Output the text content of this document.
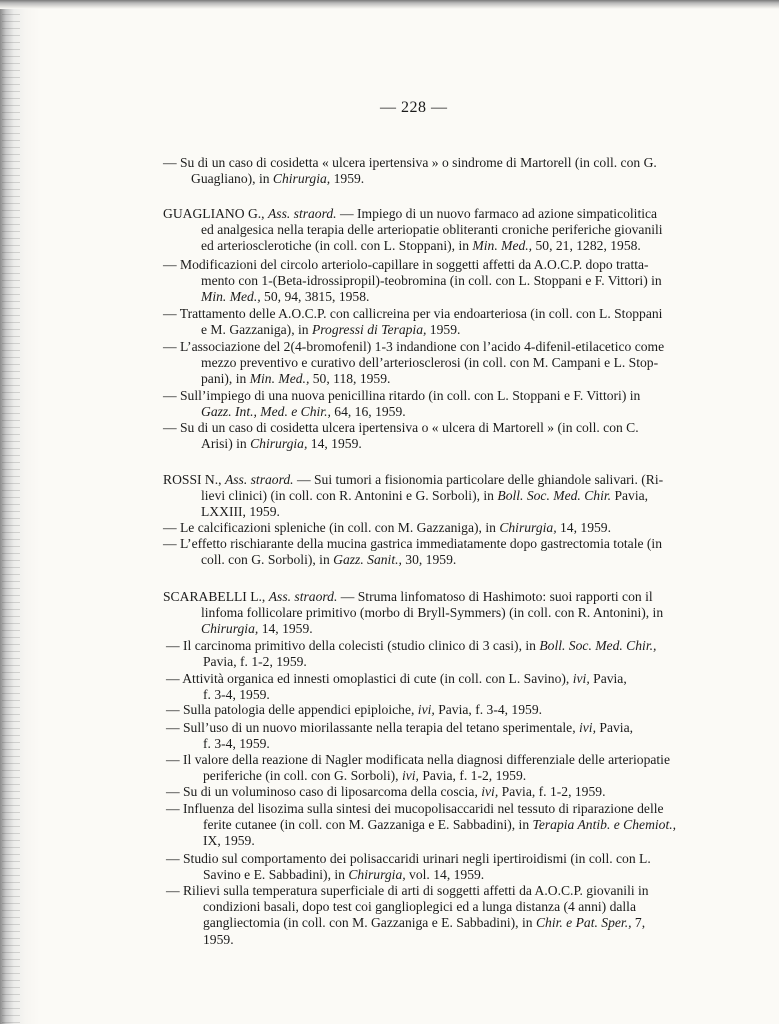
— 228 —
— Su di un caso di cosidetta « ulcera ipertensiva » o sindrome di Martorell (in coll. con G.
Guagliano), in Chirurgia, 1959.
GUAGLIANO G., Ass. straord. — Impiego di un nuovo farmaco ad azione simpaticolitica
ed analgesica nella terapia delle arteriopatie obliteranti croniche periferiche giovanili
ed arteriosclerotiche (in coll. con L. Stoppani), in Min. Med., 50, 21, 1282, 1958.
— Modificazioni del circolo arteriolo-capillare in soggetti affetti da A.O.C.P. dopo tratta-
mento con 1-(Beta-idrossipropil)-teobromina (in coll. con L. Stoppani e F. Vittori) in
Min. Med., 50, 94, 3815, 1958.
— Trattamento delle A.O.C.P. con callicreina per via endoarteriosa (in coll. con L. Stoppani
e M. Gazzaniga), in Progressi di Terapia, 1959.
— L’associazione del 2(4-bromofenil) 1-3 indandione con l’acido 4-difenil-etilacetico come
mezzo preventivo e curativo dell’arteriosclerosi (in coll. con M. Campani e L. Stop-
pani), in Min. Med., 50, 118, 1959.
— Sull’impiego di una nuova penicillina ritardo (in coll. con L. Stoppani e F. Vittori) in
Gazz. Int., Med. e Chir., 64, 16, 1959.
— Su di un caso di cosidetta ulcera ipertensiva o « ulcera di Martorell » (in coll. con C.
Arisi) in Chirurgia, 14, 1959.
ROSSI N., Ass. straord. — Sui tumori a fisionomia particolare delle ghiandole salivari. (Ri-
lievi clinici) (in coll. con R. Antonini e G. Sorboli), in Boll. Soc. Med. Chir. Pavia,
LXXIII, 1959.
— Le calcificazioni spleniche (in coll. con M. Gazzaniga), in Chirurgia, 14, 1959.
— L’effetto rischiarante della mucina gastrica immediatamente dopo gastrectomia totale (in
coll. con G. Sorboli), in Gazz. Sanit., 30, 1959.
SCARABELLI L., Ass. straord. — Struma linfomatoso di Hashimoto: suoi rapporti con il
linfoma follicolare primitivo (morbo di Bryll-Symmers) (in coll. con R. Antonini), in
Chirurgia, 14, 1959.
— Il carcinoma primitivo della colecisti (studio clinico di 3 casi), in Boll. Soc. Med. Chir.,
Pavia, f. 1-2, 1959.
— Attività organica ed innesti omoplastici di cute (in coll. con L. Savino), ivi, Pavia,
f. 3-4, 1959.
— Sulla patologia delle appendici epiploiche, ivi, Pavia, f. 3-4, 1959.
— Sull’uso di un nuovo miorilassante nella terapia del tetano sperimentale, ivi, Pavia,
f. 3-4, 1959.
— Il valore della reazione di Nagler modificata nella diagnosi differenziale delle arteriopatie
periferiche (in coll. con G. Sorboli), ivi, Pavia, f. 1-2, 1959.
— Su di un voluminoso caso di liposarcoma della coscia, ivi, Pavia, f. 1-2, 1959.
— Influenza del lisozima sulla sintesi dei mucopolisaccaridi nel tessuto di riparazione delle
ferite cutanee (in coll. con M. Gazzaniga e E. Sabbadini), in Terapia Antib. e Chemiot.,
IX, 1959.
— Studio sul comportamento dei polisaccaridi urinari negli ipertiroidismi (in coll. con L.
Savino e E. Sabbadini), in Chirurgia, vol. 14, 1959.
— Rilievi sulla temperatura superficiale di arti di soggetti affetti da A.O.C.P. giovanili in
condizioni basali, dopo test coi ganglioplegici ed a lunga distanza (4 anni) dalla
gangliectomia (in coll. con M. Gazzaniga e E. Sabbadini), in Chir. e Pat. Sper., 7,
1959.
